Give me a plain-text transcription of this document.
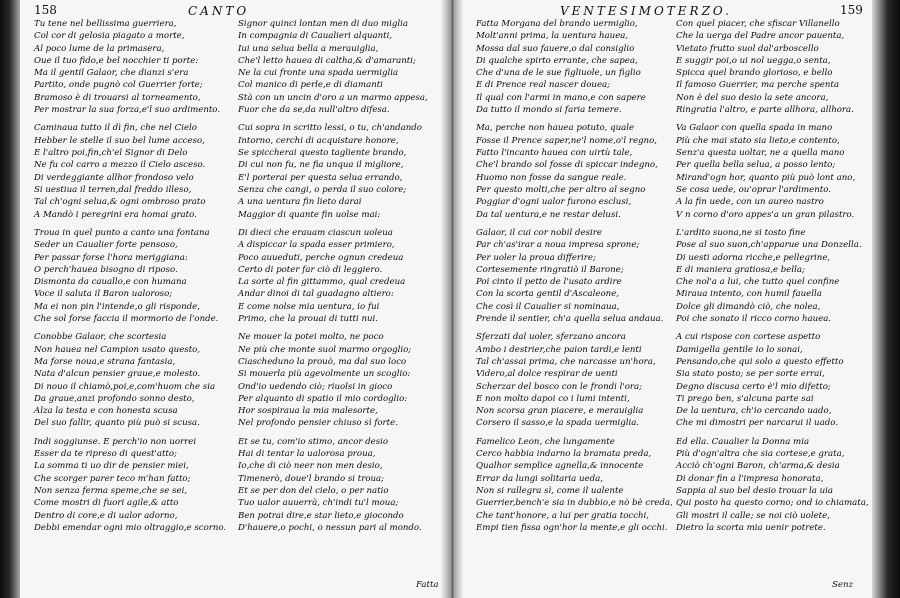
158	CANTO
Tu tene nel bellissima guerriera,
Col cor di gelosia piagato a morte,
Al poco lume de la primasera,
Oue il tuo fido,e bel nocchier ti porte:
Ma il gentil Galaor, che dianzi s'era
Partito, onde pugnò col Guerrier forte;
Bramoso è di trouarsi al torneamento,
Per mostrar la sua forza,e'l suo ardimento.
Caminaua tutto il dì fin, che nel Cielo
Hebber le stelle il suo bel lume acceso,
E l'altro poi,fin,ch'el Signor di Delo
Ne fu col carro a mezzo il Cielo asceso.
Di verdeggiante allhor frondoso velo
Si uestiua il terren,dal freddo illeso,
Tal ch'ogni selua,& ogni ombroso prato
A Mandò i peregrini era homai grato.
Troua in quel punto a canto una fontana
Seder un Caualier forte pensoso,
Per passar forse l'hora meriggiana:
O perch'hauea bisogno di riposo.
Dismonta da cauallo,e con humana
Voce il saluta il Baron ualoroso;
Ma ei non pin l'intende,o gli risponde,
Che sol forse faccia il mormorio de l'onde.
Conobbe Galaor, che scortesia
Non hauea nel Campion usato questo,
Ma forse noua,e strana fantasia,
Nata d'alcun pensier graue,e molesto.
Di nouo il chiamò,poi,e,com'huom che sia
Da graue,anzi profondo sonno desto,
Alza la testa e con honesta scusa
Del suo fallir, quanto più può si scusa.
Indi soggiunse. E perch'io non uorrei
Esser da te ripreso di quest'atto;
La somma ti uo dir de pensier miei,
Che scorger parer teco m'han fatto;
Non senza ferma speme,che se sei,
Come mostri di fuori agile,& atto
Dentro di core,e di ualor adorno,
Debbi emendar ogni mio oltraggio,e scorno.
Signor quinci lontan men di duo miglia
In compagnia di Caualieri alquanti,
Iui una selua bella a merauiglia,
Che'l letto hauea di caltha,& d'amaranti;
Ne la cui fronte una spada uermiglia
Col manico di perle,e di diamanti
Stà con un uncin d'oro a un marmo appesa,
Fuor che da se,da null'altro difesa.
Cui sopra in scritto lessi, o tu, ch'andando
Intorno, cerchi di acquistare honore,
Se spiccherai questo tagliente brando,
Di cui non fu, ne fia unqua il migliore,
E'l porterai per questa selua errando,
Senza che cangi, o perda il suo colore;
A una uentura fin lieto darai
Maggior di quante fin uolse mai:
Di dieci che erauam ciascun uoleua
A dispiccar la spada esser primiero,
Poco auueduti, perche ognun credeua
Certo di poter far ciò di leggiero.
La sorte al fin gittammo, qual credeua
Andar dinoi di tal guadagno altiero:
E come nolse mia uentura, io fui
Primo, che la prouai di tutti nui.
Ne mouer la potei molto, ne poco
Ne più che monte suol marmo orgoglio;
Ciascheduno la prouò, ma dal suo loco
Si mouerla più agevolmente un scoglio:
Ond'io uedendo ciò; riuolsi in gioco
Per alquanto di spatio il mio cordoglio:
Hor sospiraua la mia malesorte,
Nel profondo pensier chiuso sì forte.
Et se tu, com'io stimo, ancor desio
Hai di tentar la ualorosa proua,
Io,che di ciò neer non men desio,
Timenerò, doue'l brando si troua;
Et se per don del cielo, o per natio
Tuo ualor auuerrà, ch'indi tu'l moua;
Ben potrai dire,e star lieto,e giocondo
D'hauere,o pochi, o nessun pari al mondo.
Fatta
VENTESIMOTERZO.	159
Fatta Morgana del brando uermiglio,
Molt'anni prima, la uentura hauea,
Mossa dal suo fauere,o dal consiglio
Di qualche spirto errante, che sapea,
Che d'una de le sue figliuole, un figlio
E di Prence real nascer douea;
Il qual con l'armi in mano,e con sapere
Da tutto il mondo si faria temere.
Ma, perche non hauea potuto, quale
Fosse il Prence saper,ne'l nome,o'l regno,
Fatto l'incanto hauea con uirtù tale,
Che'l brando sol fosse di spiccar indegno,
Huomo non fosse da sangue reale.
Per questo molti,che per altro al segno
Poggiar d'ogni ualor furono esclusi,
Da tal uentura,e ne restar delusi.
Galaor, il cui cor nobil desire
Par ch'as'irar a noua impresa sprone;
Per uoler la proua differire;
Cortesemente ringratiò il Barone;
Poi cinto il petto de l'usato ardire
Con la scorta gentil d'Ascaleone,
Che così il Caualier si nominaua,
Prende il sentier, ch'a quella selua andaua.
Sferzati dal uoler, sferzano ancora
Ambo i destrier,che paion tardi,e lenti
Tal ch'assai prima, che narcasse un'hora,
Videro,al dolce respirar de uenti
Scherzar del bosco con le frondi l'ora;
E non molto dapoi co i lumi intenti,
Non scorsa gran piacere, e merauiglia
Corsero il sasso,e la spada uermiglia.
Famelico Leon, che lungamente
Cerco habbia indarno la bramata preda,
Qualhor semplice agnella,& innocente
Errar da lungi solitaria ueda,
Non si rallegra sì, come il ualente
Guerrier,bench'e sia in dubbio,e nò bè creda,
Che tant'honore, a lui per gratia tocchi,
Empi tien fissa ogn'hor la mente,e gli occhi.
Con quel piacer, che sfiscar Villanello
Che la uerga del Padre ancor pauenta,
Vietato frutto suol dal'arboscello
E suggir poi,o ui nol uegga,o senta,
Spicca quel brando glorioso, e bello
Il famoso Guerrier, ma perche spenta
Non è del suo desio la sete ancora,
Ringratia l'altro, e parte allhora, allhora.
Va Galaor con quella spada in mano
Più che mai stato sia lieto,e contento,
Senz'a questa uoltar, ne a quella mano
Per quella bella selua, a posso lento;
Mirand'ogn hor, quanto più può lont ano,
Se cosa uede, ou'oprar l'ardimento.
A la fin uede, con un aureo nastro
V n corno d'oro appes'a un gran pilastro.
L'ardito suona,ne si tosto fine
Pose al suo suon,ch'apparue una Donzella.
Di uesti adorna ricche,e pellegrine,
E di maniera gratiosa,e bella;
Che nol'a a lui, che tutto quel confine
Miraua intento, con humil fauella
Dolce gli dimandò ciò, che nolea,
Poi che sonato il ricco corno hauea.
A cui rispose con cortese aspetto
Damigella gentile io lo sonai,
Pensando,che qui solo a questo effetto
Sia stato posto; se per sorte errai,
Degno discusa certo è'l mio difetto;
Ti prego ben, s'alcuna parte sai
De la uentura, ch'io cercando uado,
Che mi dimostri per narcarui il uado.
Ed ella. Caualier la Donna mia
Più d'ogn'altra che sia cortese,e grata,
Acciò ch'ogni Baron, ch'arma,& desia
Di donar fin a l'impresa honorata,
Sappia al suo bel desio trouar la uia
Qui posto ha questo corno; ond io chiamata,
Gli mostri il calle; se noi ciò uolete,
Dietro la scorta mia uenir potrete.
Senz
